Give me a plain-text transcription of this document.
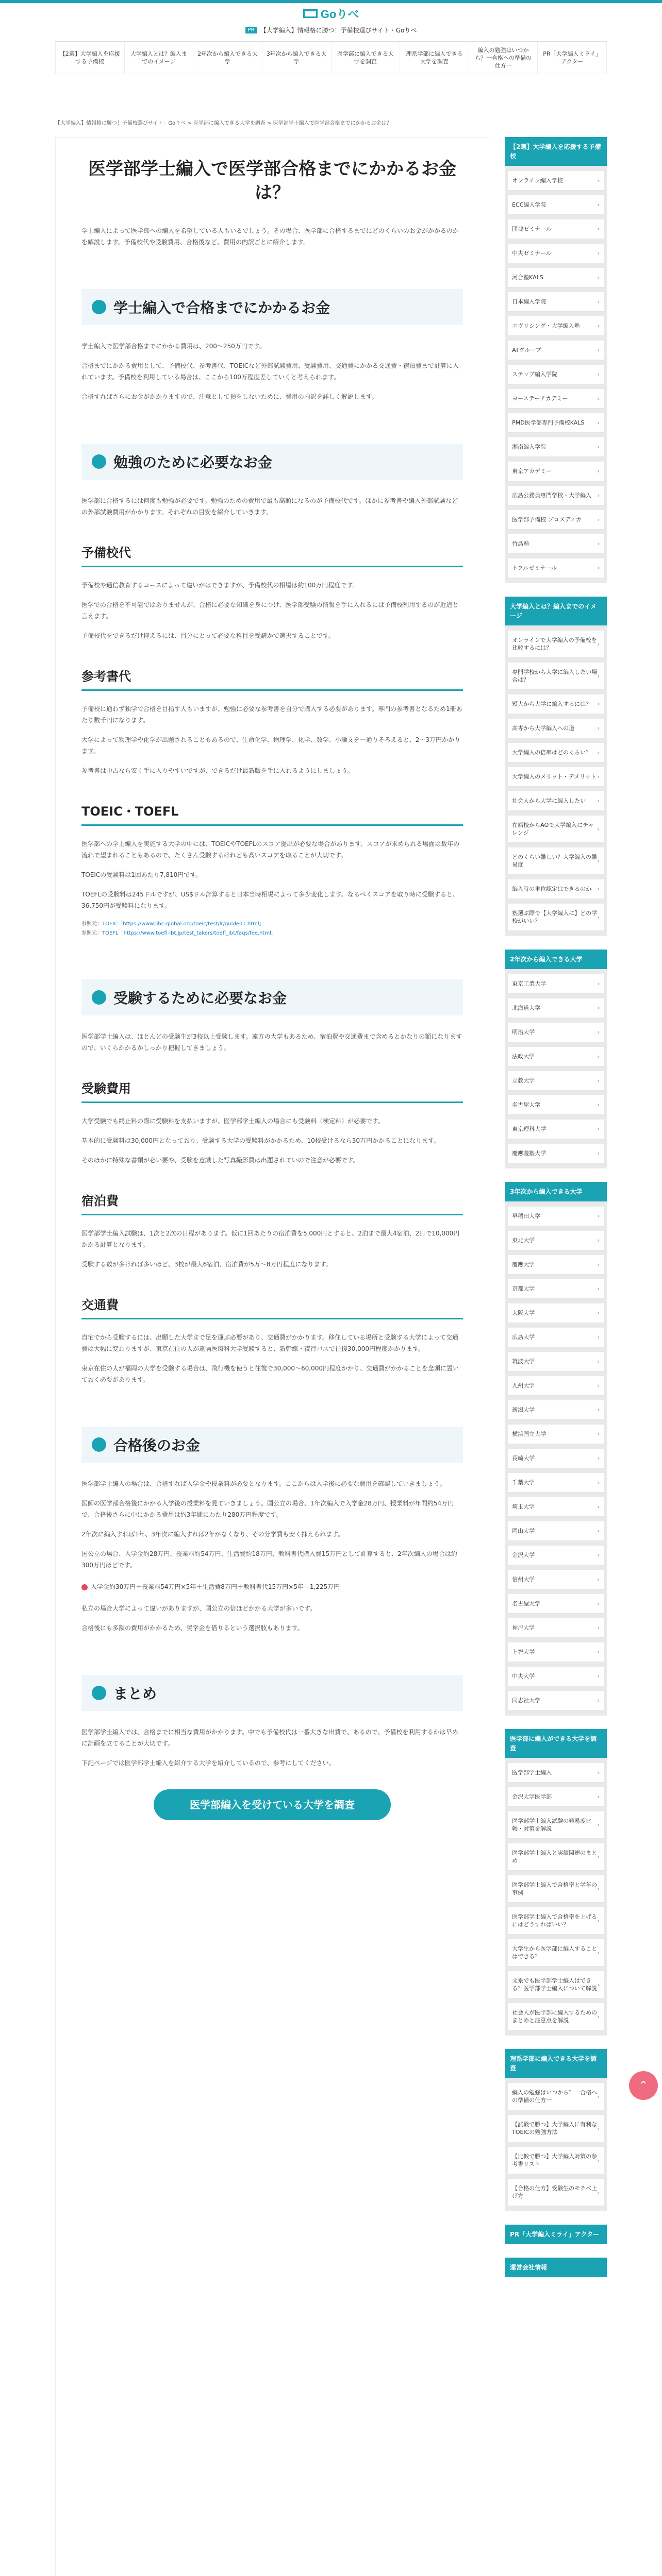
Goりべ
PR 【大学編入】情報格に勝つ！予備校選びサイト・Goりべ
【2選】大学編入を応援する予備校
大学編入とは？編入までのイメージ
2年次から編入できる大学
3年次から編入できる大学
医学部に編入できる大学を調査
理系学部に編入できる大学を調査
編入の勉強はいつから？一合格への準備の仕方一
PR「大学編入ミライ」アクター
【大学編入】情報格に勝つ！予備校選びサイト：Goりべ > 医学部に編入できる大学を調査 > 医学部学士編入で医学部合格までにかかるお金は？
医学部学士編入で医学部合格までにかかるお金は？

学士編入によって医学部への編入を希望している人もいるでしょう。その場合、医学部に合格するまでにどのくらいのお金がかかるのかを解説します。予備校代や受験費用、合格後など、費用の内訳ごとに紹介します。

学士編入で合格までにかかるお金

学士編入で医学部合格までにかかる費用は、200〜250万円です。

合格までにかかる費用として、予備校代、参考書代、TOEICなど外部試験費用、受験費用、交通費にかかる交通費・宿泊費まで計算に入れています。予備校を利用している場合は、ここから100万程度差していくと考えられます。

合格すればさらにお金がかかりますので、注意として損をしないために、費用の内訳を詳しく解説します。

勉強のために必要なお金

医学部に合格するには何度も勉強が必要です。勉強のための費用で最も高額になるのが予備校代です。ほかに参考書や編入外部試験などの外部試験費用がかかります。それぞれの目安を紹介していきます。

予備校代

予備校や通信教育するコースによって違いがはできますが、予備校代の相場は約100万円程度です。

医学での合格を不可能ではありませんが、合格に必要な知識を身につけ、医学部受験の情報を手に入れるには予備校利用するのが近道と言えます。

予備校代をできるだけ抑えるには、目分にとって必要な科目を受講かで選択することです。

参考書代

予備校に通わず独学で合格を目指す人もいますが、勉強に必要な参考書を自分で購入する必要があります。専門の参考書となるため1冊あたり数千円になります。

大学によって物理学や化学が出題されることもあるので、生命化学、物理学、化学、数学、小論文を一通りそろえると、2〜3万円かかります。

参考書は中古なら安く手に入りやすいですが、できるだけ最新版を手に入れるようにしましょう。

TOEIC・TOEFL

医学部への学士編入を実施する大学の中には、TOEICやTOEFLのスコア提出が必要な場合があります。スコアが求められる場面は数年の流れで望まれることもあるので、たくさん受験するけれども高いスコアを取ることが大切です。

TOEICの受験料は1回あたり7,810円です。

TOEFLの受験料は245ドルですが、US$ドル計算すると日本当時相場によって多少変化します。なるべくスコアを取り時に受験すると、36,750円が受験料になります。

参照元：TOEIC「https://www.iibc-global.org/toeic/test/lr/guide01.html」
参照元：TOEFL「https://www.toefl-ibt.jp/test_takers/toefl_ibt/faqs/fee.html」
受験するために必要なお金

医学部学士編入は、ほとんどの受験生が3校以上受験します。遠方の大学もあるため、宿泊費や交通費まで含めるとかなりの額になりますので、いくらかかるかしっかり把握してきましょう。

受験費用

大学受験でも終止料の際に受験料を支払いますが、医学部学士編入の場合にも受験料（検定料）が必要です。

基本的に受験料は30,000円となっており、受験する大学の受験料がかかるため、10校受けるなら30万円かかることになります。

そのほかに特殊な書類が必い要や、受験を意識した写真撮影費は出題されていので注意が必要です。

宿泊費

医学部学士編入試験は、1次と2次の日程があります。仮に1回あたりの宿泊費を5,000円とすると、2泊まで最大4宿泊、2日で10,000円かかる計算となります。

受験する数が多ければ多いほど、3校が最大6宿泊、宿泊費が5万〜8万円程度になります。

交通費

自宅でから受験するには、出願した大学まで足を運ぶ必要があり、交通費がかかります。移住している場所と受験する大学によって交通費は大幅に変わりますが、東京在住の人が遠隔医療科大学受験すると、新幹線・夜行バスで往復30,000円程度かかります。

東京在住の人が福岡の大学を受験する場合は、飛行機を使うと往復で30,000〜60,000円程度かかり、交通費がかかることを念頭に置いておく必要があります。

合格後のお金

医学部学士編入の場合は、合格すれば入学金や授業料が必要となります。ここからは入学後に必要な費用を確認していきましょう。

医師の医学部合格後にかかる入学後の授業料を見ていきましょう。国公立の場合、1年次編入で入学金28万円、授業料が年間約54万円で、合格後さらに中にかかる費用は約3年間にわたり280万円程度です。

2年次に編入すれば1年、3年次に編入すれば2年がなくなり、その分学費も安く抑えられます。

国公立の場合、入学金約28万円、授業料約54万円、生活費約18万円、教科書代購入費15万円として計算すると、2年次編入の場合は約300万円ほどです。

入学金約30万円＋授業料54万円×5年＋生活費8万円＋教科書代15万円×5年＝1,225万円

私立の場合大学によって違いがありますが、国公立の倍ほどかかる大学が多いです。

合格後にも多額の費用がかかるため、奨学金を借りるという選択肢もあります。

まとめ

医学部学士編入では、合格までに相当な費用がかかります。中でも予備校代は一番大きな出費で、あるので、予備校を利用するかは早めに計画を立てることが大切です。

下記ページでは医学部学士編入を紹介する大学を紹介しているので、参考にしてください。

医学部編入を受けている大学を調査
【2選】大学編入を応援する予備校
オンライン編入学校	›
ECC編入学院	›
団塊ゼミナール	›
中央ゼミナール	›
河合塾KALS	›
日本編入学院	›
エヴリシング・大学編入塾	›
ATグループ	›
ステップ編入学院	›
ヨーステーアカデミー	›
PMD医学部専門予備校KALS ›
湘南編入学院	›
東京アカデミー	›
広島公務員専門学校・大学編入 ›
医学部予備校 プロメディカ	›
竹島塾	›
トフルゼミナール	›
大学編入とは？編入までのイメージ
オンラインで大学編入の予備校を比較するには？
›
専門学校から大学に編入したい場合は？
›
短大から大学に編入するには？ ›
高専から大学編入への道	›
大学編入の倍率はどのくらい？ ›
大学編入のメリット・デメリット ›
社会人から大学に編入したい ›
在籍校からAOで大学編入にチャレンジ
›
どのくらい難しい？大学編入の難易度
›
編入時の単位認定はできるのか ›
塾選ぶ際で【大学編入に】どの学校がいい？
›
2年次から編入できる大学
東京工業大学	›
北海道大学	›
明治大学	›
法政大学	›
立教大学	›
名古屋大学	›
東京理科大学	›
慶應義塾大学	›
3年次から編入できる大学
早稲田大学	›
東北大学	›
慶應大学	›
京都大学	›
大阪大学	›
広島大学	›
筑波大学	›
九州大学	›
新潟大学	›
横浜国立大学	›
長崎大学	›
千葉大学	›
埼玉大学	›
岡山大学	›
金沢大学	›
信州大学	›
名古屋大学	›
神戸大学	›
上智大学	›
中央大学	›
同志社大学	›
医学部に編入ができる大学を調査
医学部学士編入	›
金沢大学医学部	›
医学部学士編入試験の難易度比較・対策を解説
›
医学部学士編入と実績関連のまとめ
›
医学部学士編入で合格率と学年の事例
›
医学部学士編入で合格率を上げるにはどうすればいい？
›
大学生から医学部に編入することはできる？
›
文系でも医学部学士編入はできる？医学部学士編入について解説
›
社会人が医学部に編入するためのまとめと注意点を解説
›
理系学部に編入できる大学を調査
編入の勉強はいつから？一合格への準備の仕方一
›
【試験で勝つ】大学編入に有利なTOEICの勉強方法
›
【比較で勝つ】大学編入対策の参考書リスト
›
【合格の仕方】受験生のモチベ上げ方
›
PR「大学編入ミライ」アクター
運営会社情報
⌃
